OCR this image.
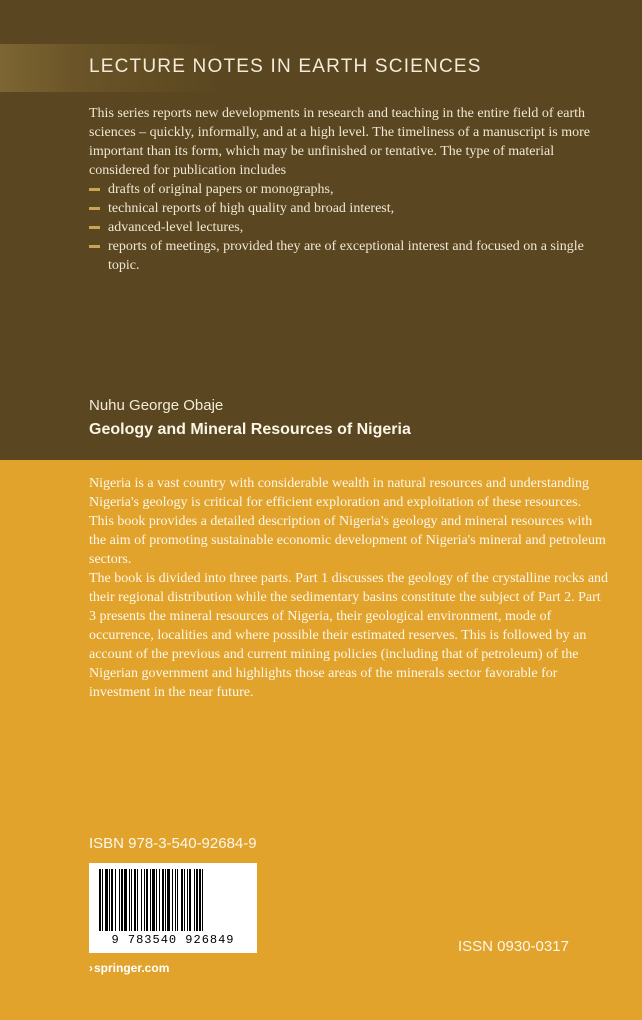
LECTURE NOTES IN EARTH SCIENCES

This series reports new developments in research and teaching in the entire field of earth sciences – quickly, informally, and at a high level. The timeliness of a manuscript is more important than its form, which may be unfinished or tentative. The type of material considered for publication includes

drafts of original papers or monographs,
technical reports of high quality and broad interest,
advanced-level lectures,
reports of meetings, provided they are of exceptional interest and focused on a single topic.

Nuhu George Obaje

Geology and Mineral Resources of Nigeria

Nigeria is a vast country with considerable wealth in natural resources and understanding Nigeria's geology is critical for efficient exploration and exploitation of these resources. This book provides a detailed description of Nigeria's geology and mineral resources with the aim of promoting sustainable economic development of Nigeria's mineral and petroleum sectors.

The book is divided into three parts. Part 1 discusses the geology of the crystalline rocks and their regional distribution while the sedimentary basins constitute the subject of Part 2. Part 3 presents the mineral resources of Nigeria, their geological environment, mode of occurrence, localities and where possible their estimated reserves. This is followed by an account of the previous and current mining policies (including that of petroleum) of the Nigerian government and highlights those areas of the minerals sector favorable for investment in the near future.

ISBN 978-3-540-92684-9
9 783540 926849	ISSN 0930-0317
›springer.com
